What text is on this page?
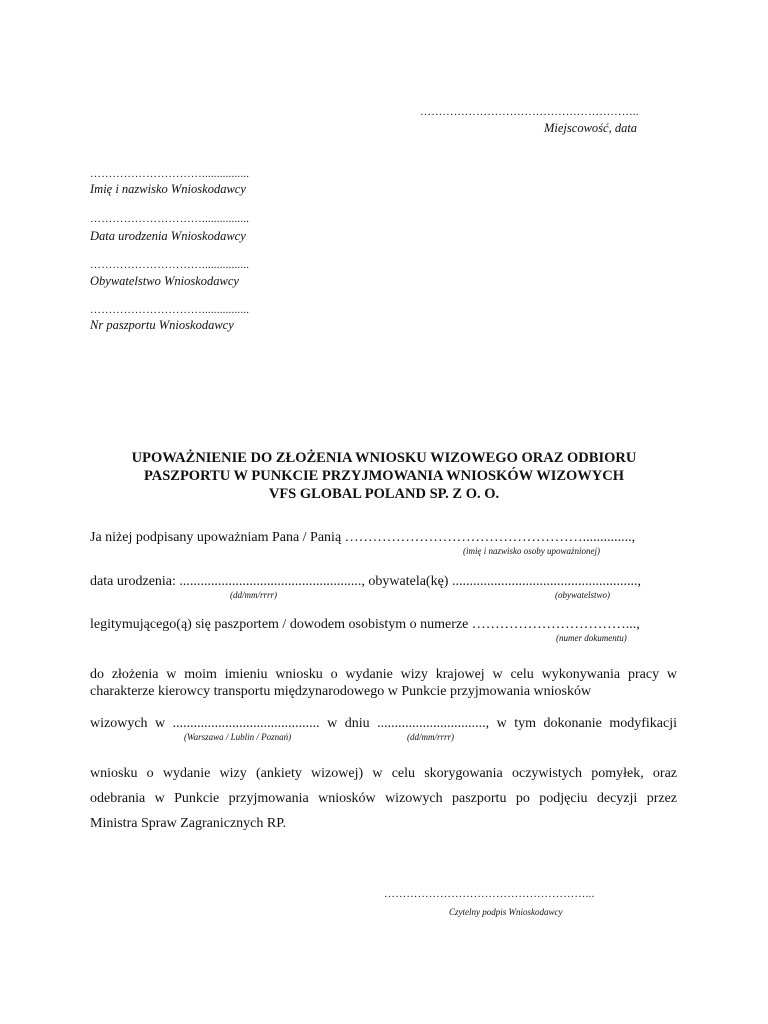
…………………………………………………..
Miejscowość, data
…………………………................
Imię i nazwisko Wnioskodawcy
…………………………................
Data urodzenia Wnioskodawcy
…………………………................
Obywatelstwo Wnioskodawcy
…………………………................
Nr paszportu Wnioskodawcy
UPOWAŻNIENIE DO ZŁOŻENIA WNIOSKU WIZOWEGO ORAZ ODBIORU
PASZPORTU W PUNKCIE PRZYJMOWANIA WNIOSKÓW WIZOWYCH
VFS GLOBAL POLAND SP. Z O. O.
Ja niżej podpisany upoważniam Pana / Panią ……………………………………………..............,
(imię i nazwisko osoby upoważnionej)
data urodzenia: ...................................................., obywatela(kę) .....................................................,
(dd/mm/rrrr)	(obywatelstwo)
legitymującego(ą) się paszportem / dowodem osobistym o numerze ……………………………...,
(numer dokumentu)
do złożenia w moim imieniu wniosku o wydanie wizy krajowej w celu wykonywania pracy w
charakterze kierowcy transportu międzynarodowego w Punkcie przyjmowania wniosków
wizowych w .......................................... w dniu ..............................., w tym dokonanie modyfikacji
(Warszawa / Lublin / Poznań)	(dd/mm/rrrr)
wniosku o wydanie wizy (ankiety wizowej) w celu skorygowania oczywistych pomyłek, oraz
odebrania w Punkcie przyjmowania wniosków wizowych paszportu po podjęciu decyzji przez
Ministra Spraw Zagranicznych RP.
………………………………………………...
Czytelny podpis Wnioskodawcy
